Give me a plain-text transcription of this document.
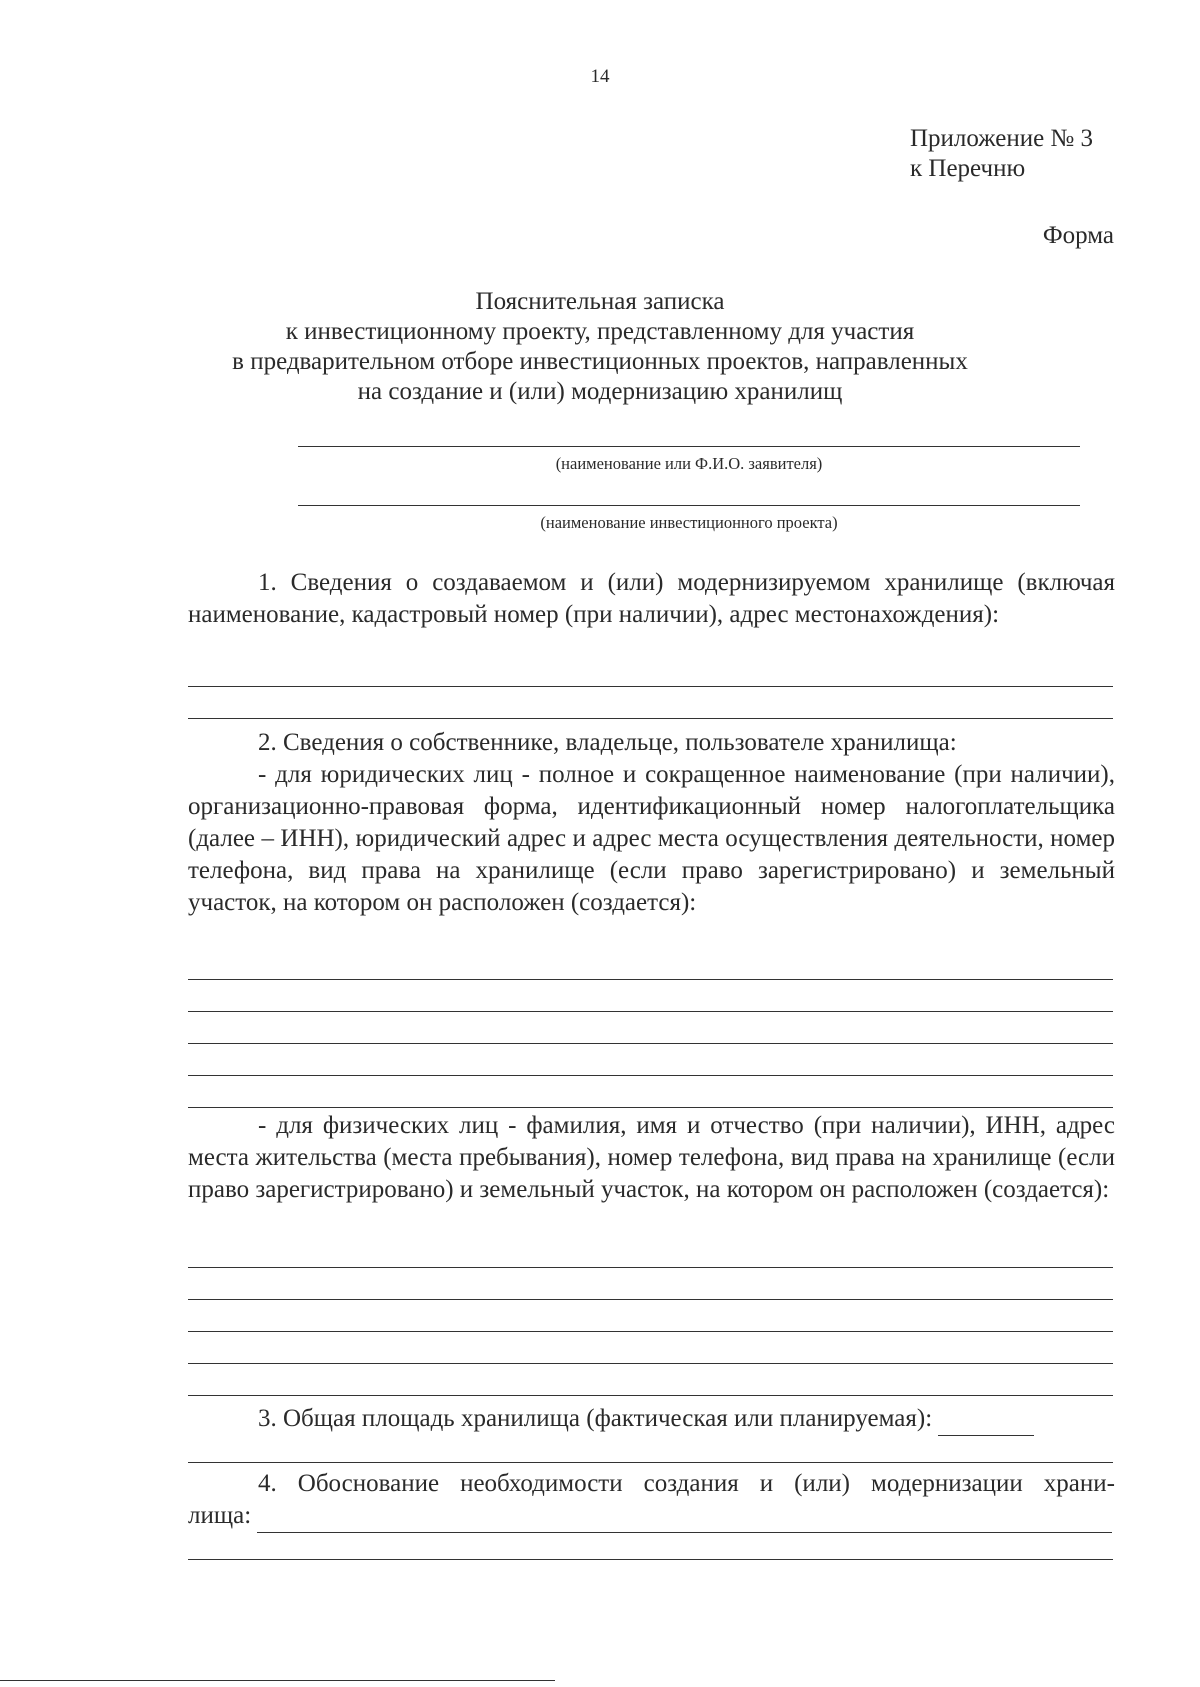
14
Приложение № 3
к Перечню
Форма
Пояснительная записка
к инвестиционному проекту, представленному для участия
в предварительном отборе инвестиционных проектов, направленных
на создание и (или) модернизацию хранилищ
(наименование или Ф.И.О. заявителя)
(наименование инвестиционного проекта)
1. Сведения о создаваемом и (или) модернизируемом хранилище (включая наименование, кадастровый номер (при наличии), адрес местонахождения):
2. Сведения о собственнике, владельце, пользователе хранилища:
- для юридических лиц - полное и сокращенное наименование (при наличии), организационно-правовая форма, идентификационный номер налогоплательщика (далее – ИНН), юридический адрес и адрес места осуществления деятельности, номер телефона, вид права на хранилище (если право зарегистрировано) и земельный участок, на котором он расположен (создается):
- для физических лиц - фамилия, имя и отчество (при наличии), ИНН, адрес места жительства (места пребывания), номер телефона, вид права на хранилище (если право зарегистрировано) и земельный участок, на котором он расположен (создается):
3. Общая площадь хранилища (фактическая или планируемая):
4. Обоснование необходимости создания и (или) модернизации храни-
лища:
